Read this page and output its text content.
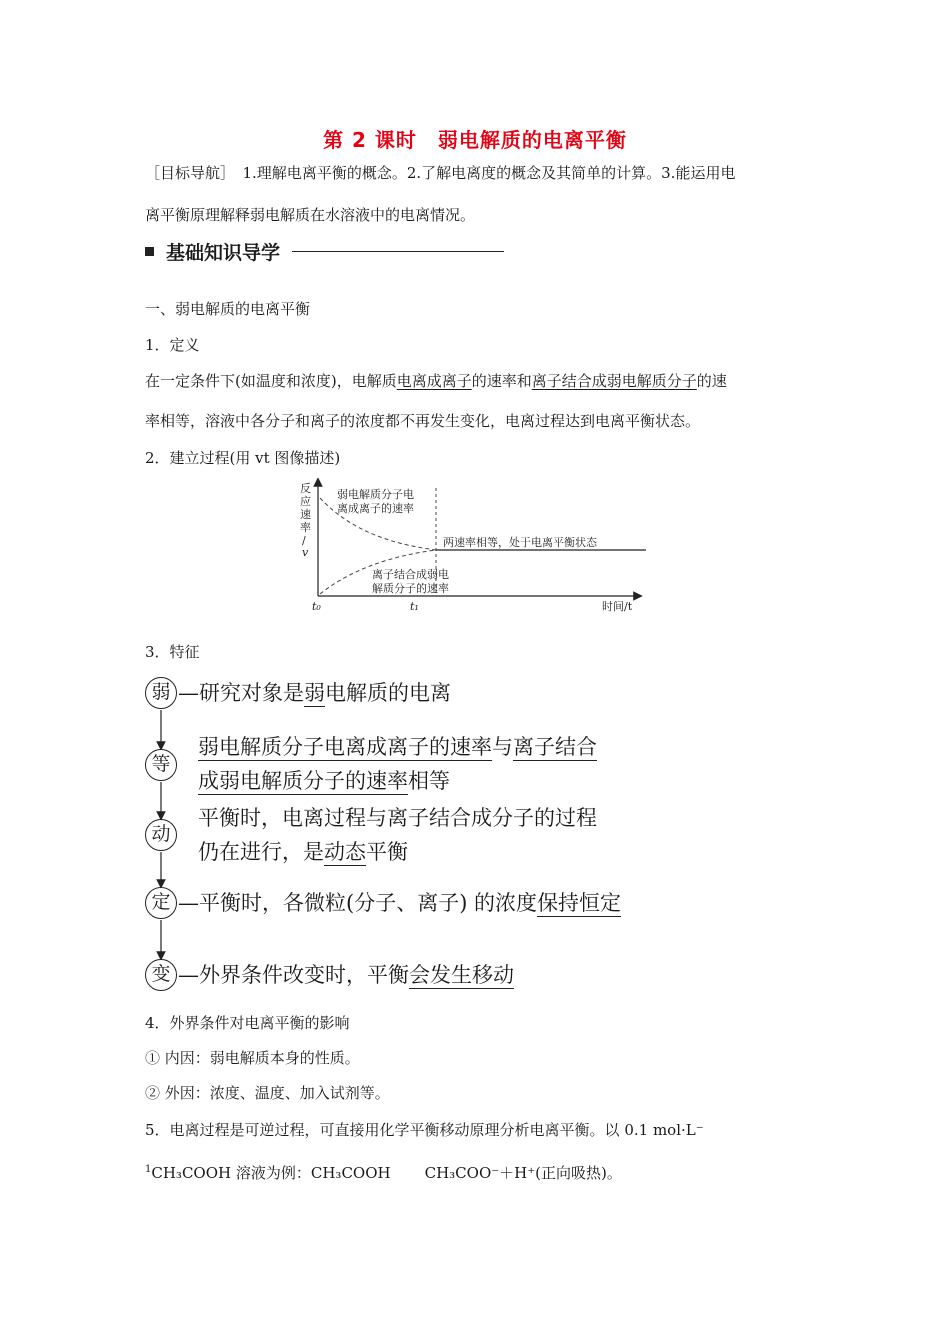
第 2 课时　弱电解质的电离平衡
［目标导航］　1.理解电离平衡的概念。2.了解电离度的概念及其简单的计算。3.能运用电
离平衡原理解释弱电解质在水溶液中的电离情况。
基础知识导学
一、弱电解质的电离平衡
1．定义
在一定条件下(如温度和浓度)，电解质电离成离子的速率和离子结合成弱电解质分子的速
率相等，溶液中各分子和离子的浓度都不再发生变化，电离过程达到电离平衡状态。
2．建立过程(用 vt 图像描述)
反
应
速
率
/
v
弱电解质分子电
离成离子的速率
两速率相等，处于电离平衡状态
离子结合成弱电
解质分子的速率
t₀	t₁	时间/t
3．特征
弱 —研究对象是弱电解质的电离
等
弱电解质分子电离成离子的速率与离子结合
成弱电解质分子的速率相等
动
平衡时，电离过程与离子结合成分子的过程
仍在进行，是动态平衡
定 —平衡时，各微粒(分子、离子) 的浓度保持恒定
变 —外界条件改变时，平衡会发生移动
4．外界条件对电离平衡的影响
① 内因：弱电解质本身的性质。
② 外因：浓度、温度、加入试剂等。
5．电离过程是可逆过程，可直接用化学平衡移动原理分析电离平衡。以 0.1 mol·L⁻
$^1$CH₃COOH 溶液为例：CH₃COOH CH₃COO⁻＋H⁺(正向吸热)。
